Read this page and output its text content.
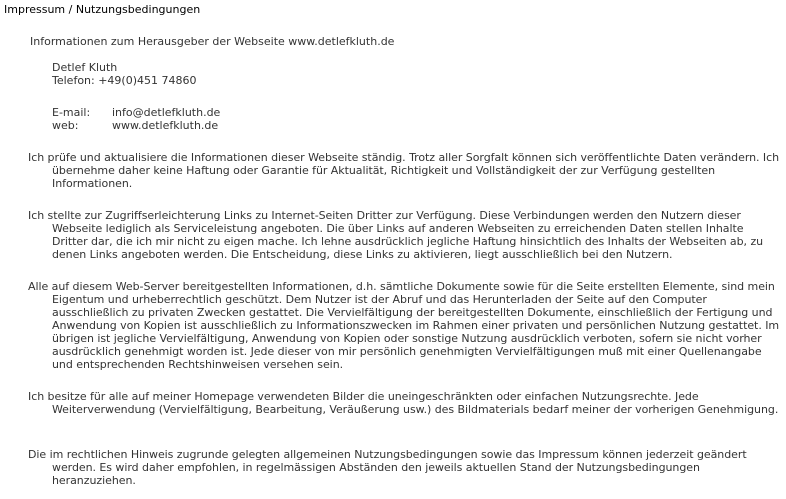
Impressum / Nutzungsbedingungen
Informationen zum Herausgeber der Webseite www.detlefkluth.de
Detlef Kluth
Telefon: +49(0)451 74860
E-mail: info@detlefkluth.de
web:	www.detlefkluth.de
Ich prüfe und aktualisiere die Informationen dieser Webseite ständig. Trotz aller Sorgfalt können sich veröffentlichte Daten verändern. Ich übernehme daher keine Haftung oder Garantie für Aktualität, Richtigkeit und Vollständigkeit der zur Verfügung gestellten Informationen.
Ich stellte zur Zugriffserleichterung Links zu Internet-Seiten Dritter zur Verfügung. Diese Verbindungen werden den Nutzern dieser Webseite lediglich als Serviceleistung angeboten. Die über Links auf anderen Webseiten zu erreichenden Daten stellen Inhalte Dritter dar, die ich mir nicht zu eigen mache. Ich lehne ausdrücklich jegliche Haftung hinsichtlich des Inhalts der Webseiten ab, zu denen Links angeboten werden. Die Entscheidung, diese Links zu aktivieren, liegt ausschließlich bei den Nutzern.
Alle auf diesem Web-Server bereitgestellten Informationen, d.h. sämtliche Dokumente sowie für die Seite erstellten Elemente, sind mein Eigentum und urheberrechtlich geschützt. Dem Nutzer ist der Abruf und das Herunterladen der Seite auf den Computer ausschließlich zu privaten Zwecken gestattet. Die Vervielfältigung der bereitgestellten Dokumente, einschließlich der Fertigung und Anwendung von Kopien ist ausschließlich zu Informationszwecken im Rahmen einer privaten und persönlichen Nutzung gestattet. Im übrigen ist jegliche Vervielfältigung, Anwendung von Kopien oder sonstige Nutzung ausdrücklich verboten, sofern sie nicht vorher ausdrücklich genehmigt worden ist. Jede dieser von mir persönlich genehmigten Vervielfältigungen muß mit einer Quellenangabe und entsprechenden Rechtshinweisen versehen sein.
Ich besitze für alle auf meiner Homepage verwendeten Bilder die uneingeschränkten oder einfachen Nutzungsrechte. Jede Weiterverwendung (Vervielfältigung, Bearbeitung, Veräußerung usw.) des Bildmaterials bedarf meiner der vorherigen Genehmigung.
Die im rechtlichen Hinweis zugrunde gelegten allgemeinen Nutzungsbedingungen sowie das Impressum können jederzeit geändert werden. Es wird daher empfohlen, in regelmässigen Abständen den jeweils aktuellen Stand der Nutzungsbedingungen heranzuziehen.
